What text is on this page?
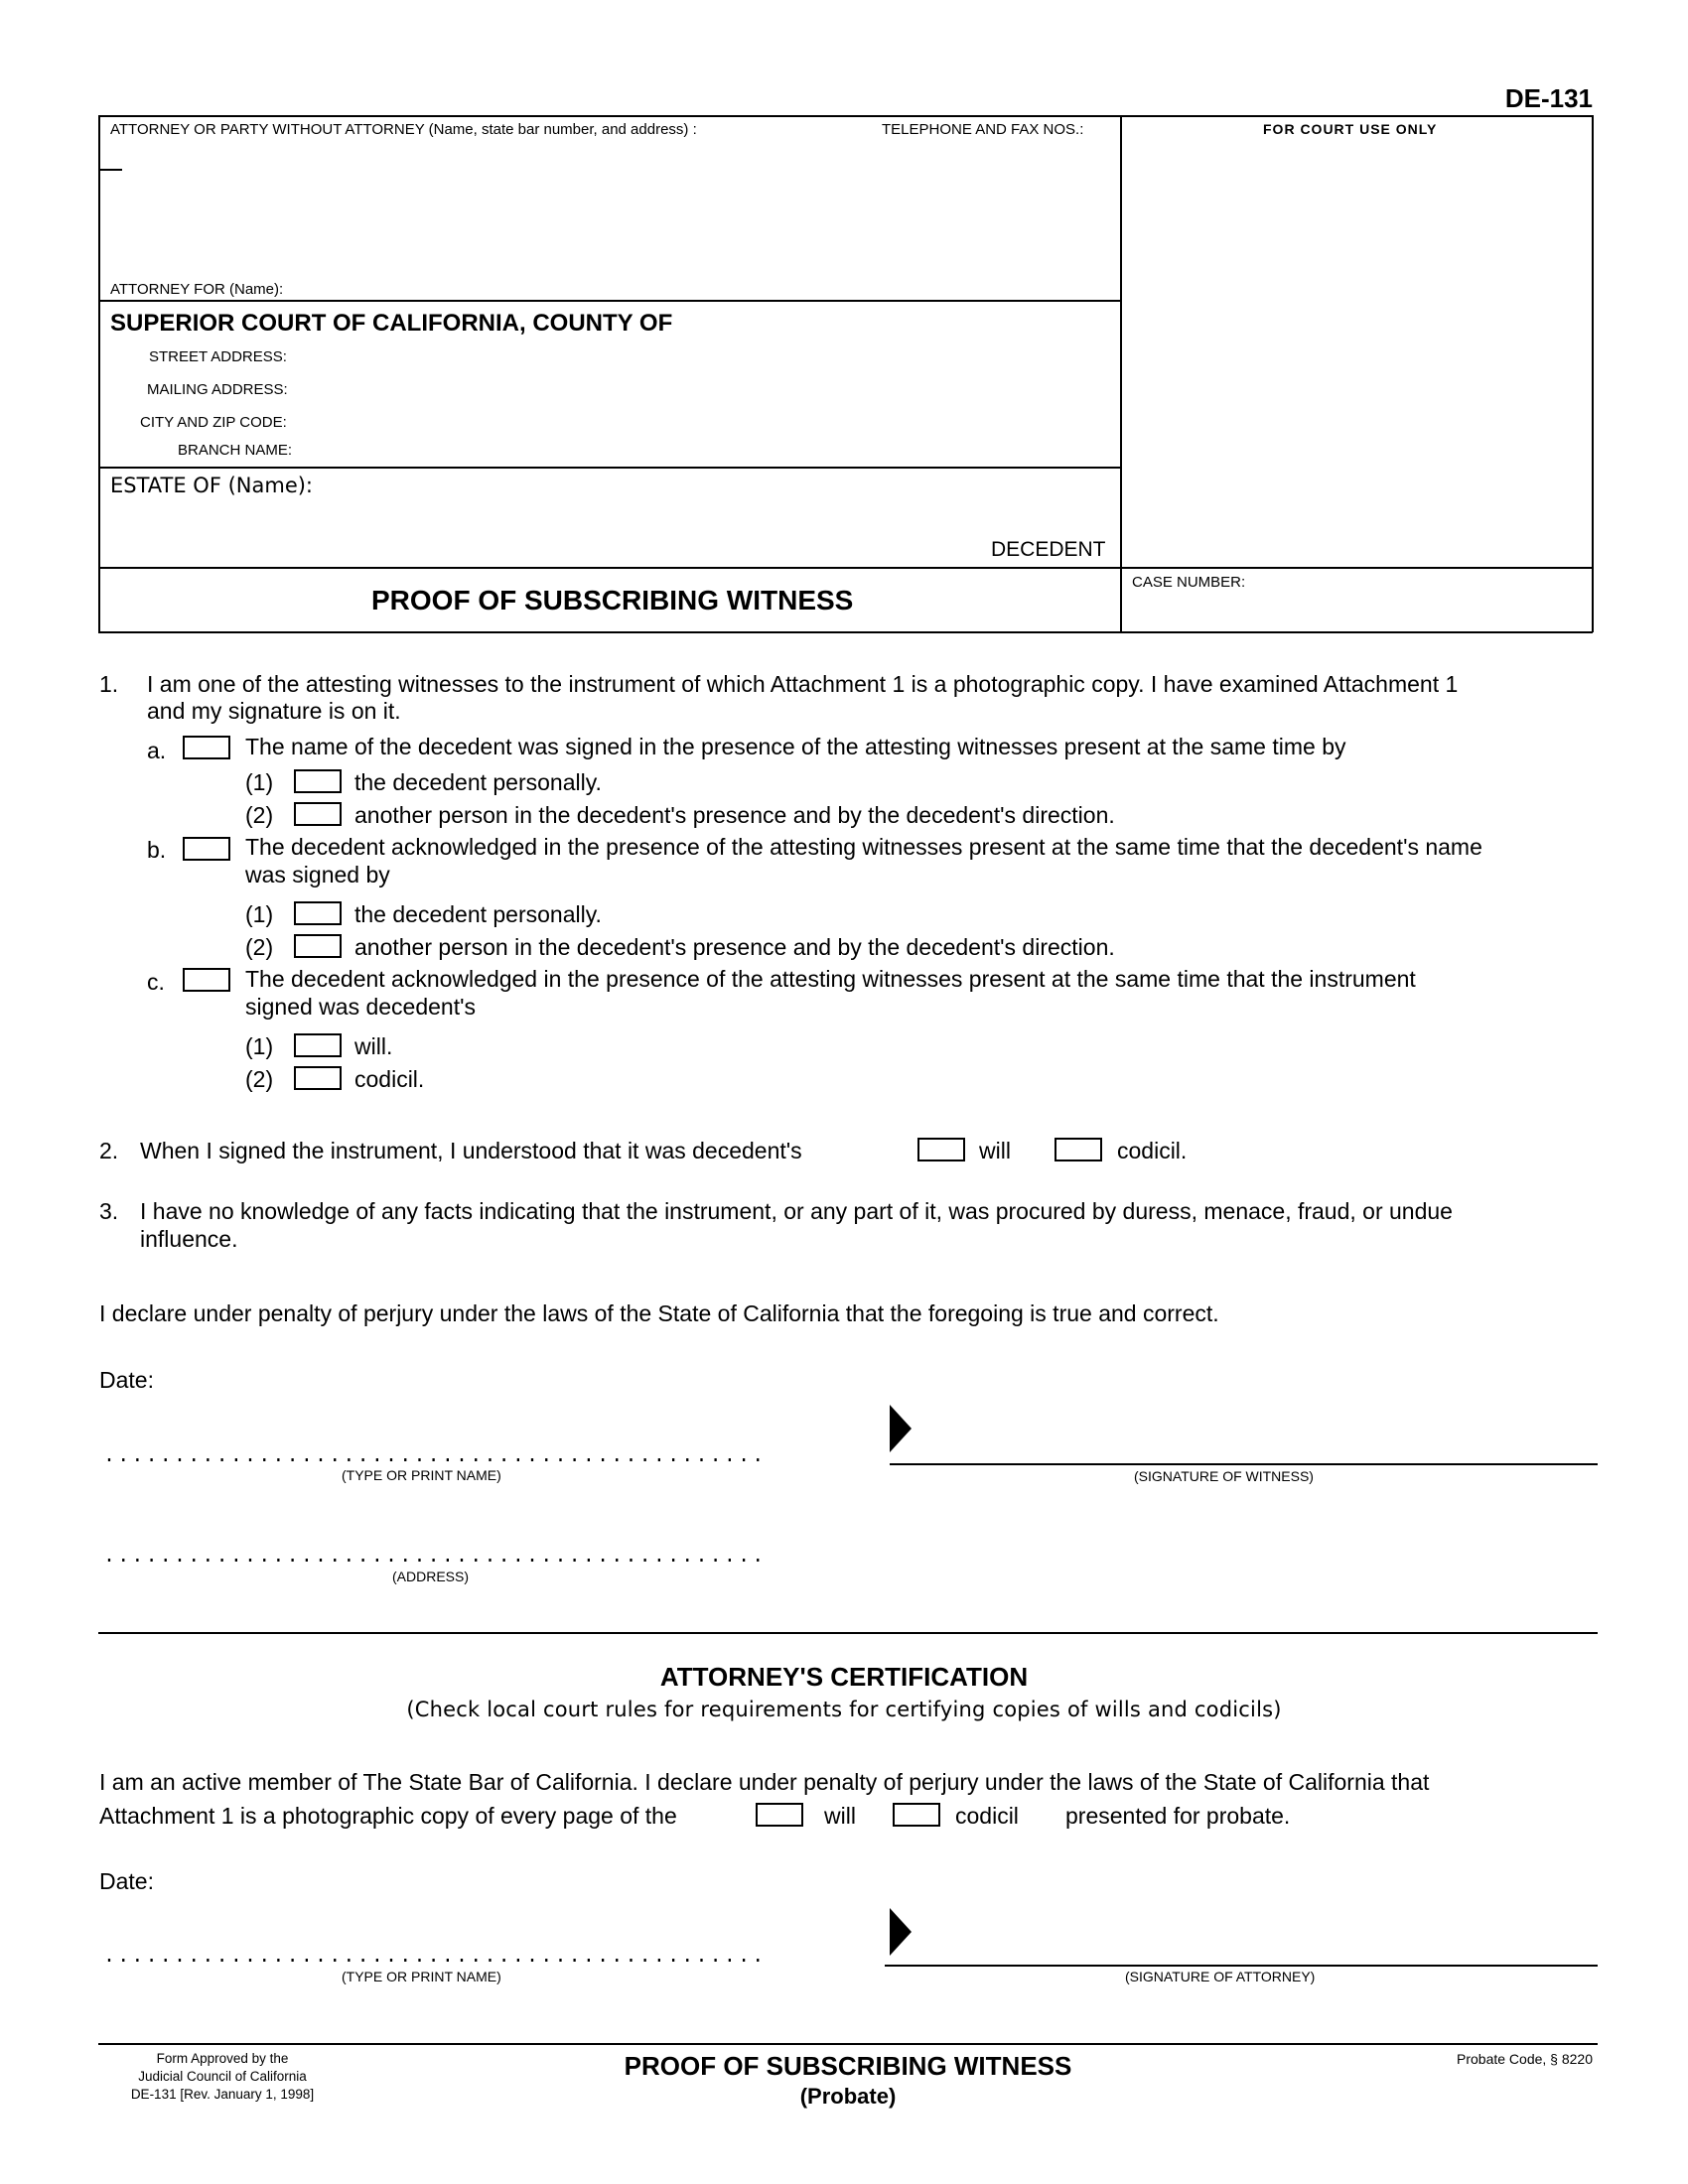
DE-131
ATTORNEY OR PARTY WITHOUT ATTORNEY (Name, state bar number, and address) :	TELEPHONE AND FAX NOS.:	FOR COURT USE ONLY
ATTORNEY FOR (Name):
SUPERIOR COURT OF CALIFORNIA, COUNTY OF
STREET ADDRESS:
MAILING ADDRESS:
CITY AND ZIP CODE:
BRANCH NAME:
ESTATE OF (Name):
DECEDENT
PROOF OF SUBSCRIBING WITNESS
CASE NUMBER:
1. I am one of the attesting witnesses to the instrument of which Attachment 1 is a photographic copy. I have examined Attachment 1
and my signature is on it.
a.	The name of the decedent was signed in the presence of the attesting witnesses present at the same time by
(1)	the decedent personally.
(2)	another person in the decedent's presence and by the decedent's direction.
b.	The decedent acknowledged in the presence of the attesting witnesses present at the same time that the decedent's name
was signed by
(1)	the decedent personally.
(2)	another person in the decedent's presence and by the decedent's direction.
c.	The decedent acknowledged in the presence of the attesting witnesses present at the same time that the instrument
signed was decedent's
(1)	will.
(2)	codicil.
2. When I signed the instrument, I understood that it was decedent's	will	codicil.
3. I have no knowledge of any facts indicating that the instrument, or any part of it, was procured by duress, menace, fraud, or undue
influence.
I declare under penalty of perjury under the laws of the State of California that the foregoing is true and correct.
Date:
...............................................
(TYPE OR PRINT NAME)	(SIGNATURE OF WITNESS)
...............................................
(ADDRESS)
ATTORNEY'S CERTIFICATION
(Check local court rules for requirements for certifying copies of wills and codicils)
I am an active member of The State Bar of California. I declare under penalty of perjury under the laws of the State of California that
Attachment 1 is a photographic copy of every page of the	will	codicil presented for probate.
Date:
...............................................
(TYPE OR PRINT NAME)	(SIGNATURE OF ATTORNEY)
Form Approved by the
Judicial Council of California
DE-131 [Rev. January 1, 1998]
PROOF OF SUBSCRIBING WITNESS
(Probate)
Probate Code, § 8220
